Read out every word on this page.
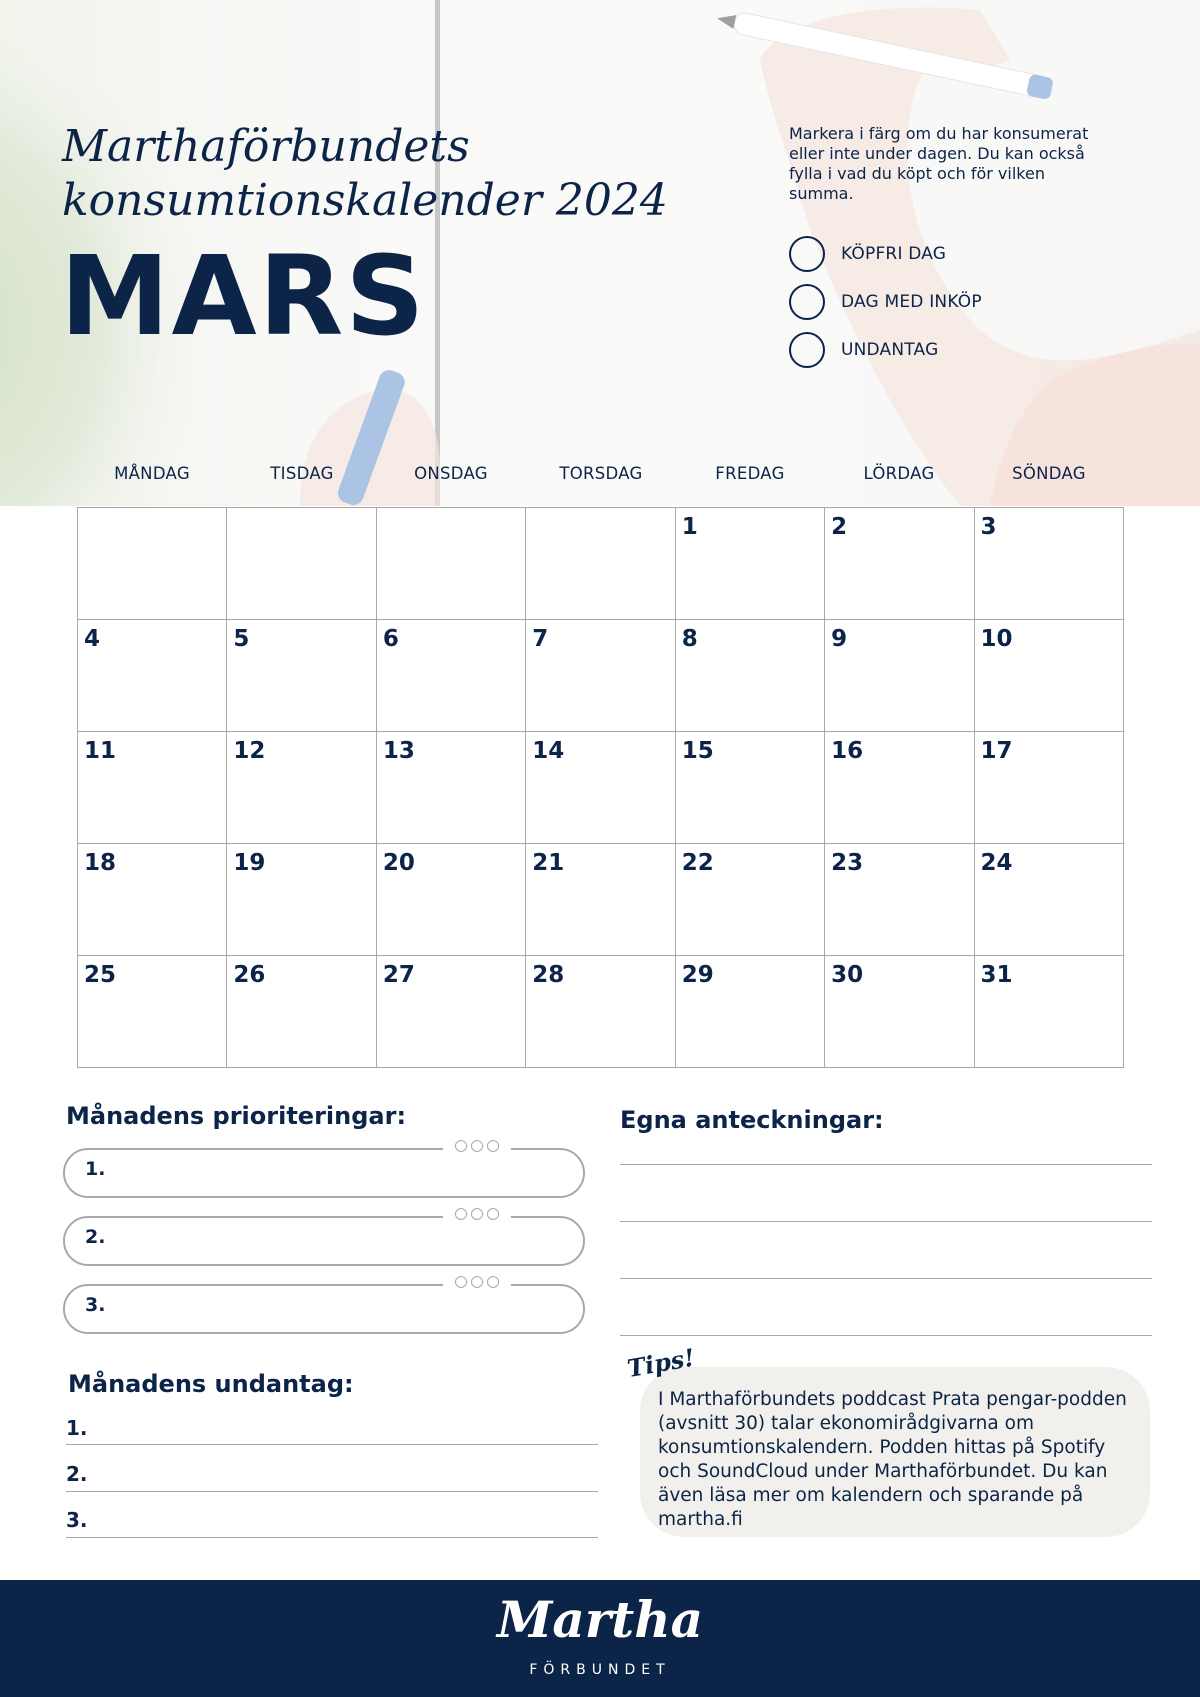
Marthaförbundets
konsumtionskalender 2024
MARS
Markera i färg om du har konsumerat eller inte under dagen. Du kan också fylla i vad du köpt och för vilken summa.
KÖPFRI DAG
DAG MED INKÖP
UNDANTAG
MÅNDAG	TISDAG	ONSDAG	TORSDAG	FREDAG	LÖRDAG	SÖNDAG

				1	2	3

4	5	6	7	8	9	10

11	12	13	14	15	16	17

18	19	20	21	22	23	24

25	26	27	28	29	30	31
Månadens prioriteringar:
1.
2.
3.
Månadens undantag:
1.
2.
3.
Egna anteckningar:
Tips!
I Marthaförbundets poddcast Prata pengar-podden (avsnitt 30) talar ekonomirådgivarna om konsumtionskalendern. Podden hittas på Spotify och SoundCloud under Marthaförbundet. Du kan även läsa mer om kalendern och sparande på martha.fi
Martha
FÖRBUNDET
